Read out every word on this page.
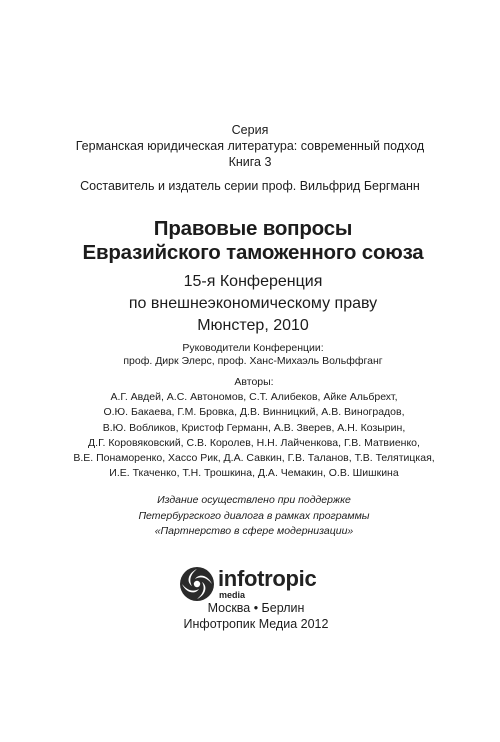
Серия
Германская юридическая литература: современный подход
Книга 3
Составитель и издатель серии проф. Вильфрид Бергманн
Правовые вопросы
Евразийского таможенного союза
15-я Конференция
по внешнеэкономическому праву
Мюнстер, 2010
Руководители Конференции:
проф. Дирк Элерс, проф. Ханс-Михаэль Вольффганг
Авторы:
А.Г. Авдей, А.С. Автономов, С.Т. Алибеков, Айке Альбрехт,
О.Ю. Бакаева, Г.М. Бровка, Д.В. Винницкий, А.В. Виноградов,
В.Ю. Вобликов, Кристоф Германн, А.В. Зверев, А.Н. Козырин,
Д.Г. Коровяковский, С.В. Королев, Н.Н. Лайченкова, Г.В. Матвиенко,
В.Е. Понаморенко, Хассо Рик, Д.А. Савкин, Г.В. Таланов, Т.В. Телятицкая,
И.Е. Ткаченко, Т.Н. Трошкина, Д.А. Чемакин, О.В. Шишкина
Издание осуществлено при поддержке
Петербургского диалога в рамках программы
«Партнерство в сфере модернизации»
infotropic
media
Москва • Берлин
Инфотропик Медиа 2012
